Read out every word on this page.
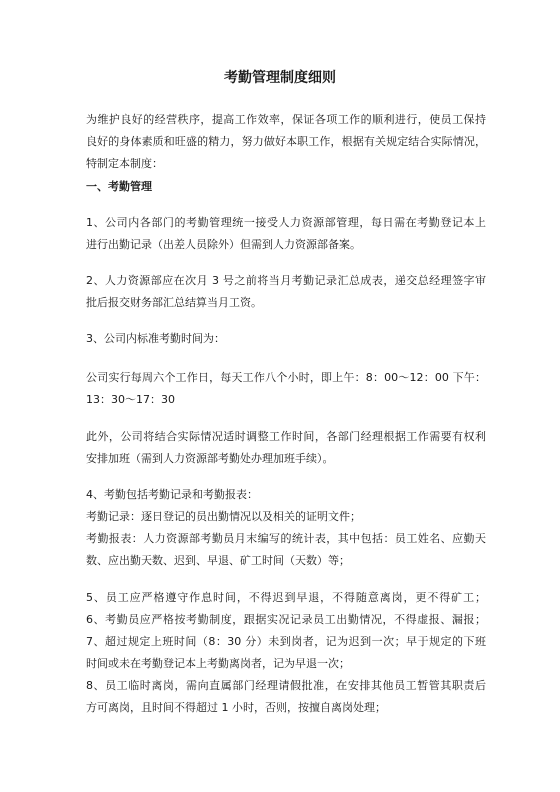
考勤管理制度细则
为维护良好的经营秩序，提高工作效率，保证各项工作的顺利进行，使员工保持
良好的身体素质和旺盛的精力，努力做好本职工作，根据有关规定结合实际情况，
特制定本制度：
一、考勤管理
1、公司内各部门的考勤管理统一接受人力资源部管理，每日需在考勤登记本上
进行出勤记录（出差人员除外）但需到人力资源部备案。
2、人力资源部应在次月 3 号之前将当月考勤记录汇总成表，递交总经理签字审
批后报交财务部汇总结算当月工资。
3、公司内标准考勤时间为：
公司实行每周六个工作日，每天工作八个小时，即上午：8：00～12：00 下午：
13：30～17：30
此外，公司将结合实际情况适时调整工作时间，各部门经理根据工作需要有权利
安排加班（需到人力资源部考勤处办理加班手续）。
4、考勤包括考勤记录和考勤报表：
考勤记录：逐日登记的员出勤情况以及相关的证明文件；
考勤报表：人力资源部考勤员月末编写的统计表，其中包括：员工姓名、应勤天
数、应出勤天数、迟到、早退、矿工时间（天数）等；
5、员工应严格遵守作息时间，不得迟到早退，不得随意离岗，更不得矿工；
6、考勤员应严格按考勤制度，跟据实况记录员工出勤情况，不得虚报、漏报；
7、超过规定上班时间（8：30 分）未到岗者，记为迟到一次；早于规定的下班
时间或未在考勤登记本上考勤离岗者，记为早退一次；
8、员工临时离岗，需向直属部门经理请假批准，在安排其他员工暂管其职责后
方可离岗，且时间不得超过 1 小时，否则，按擅自离岗处理；
